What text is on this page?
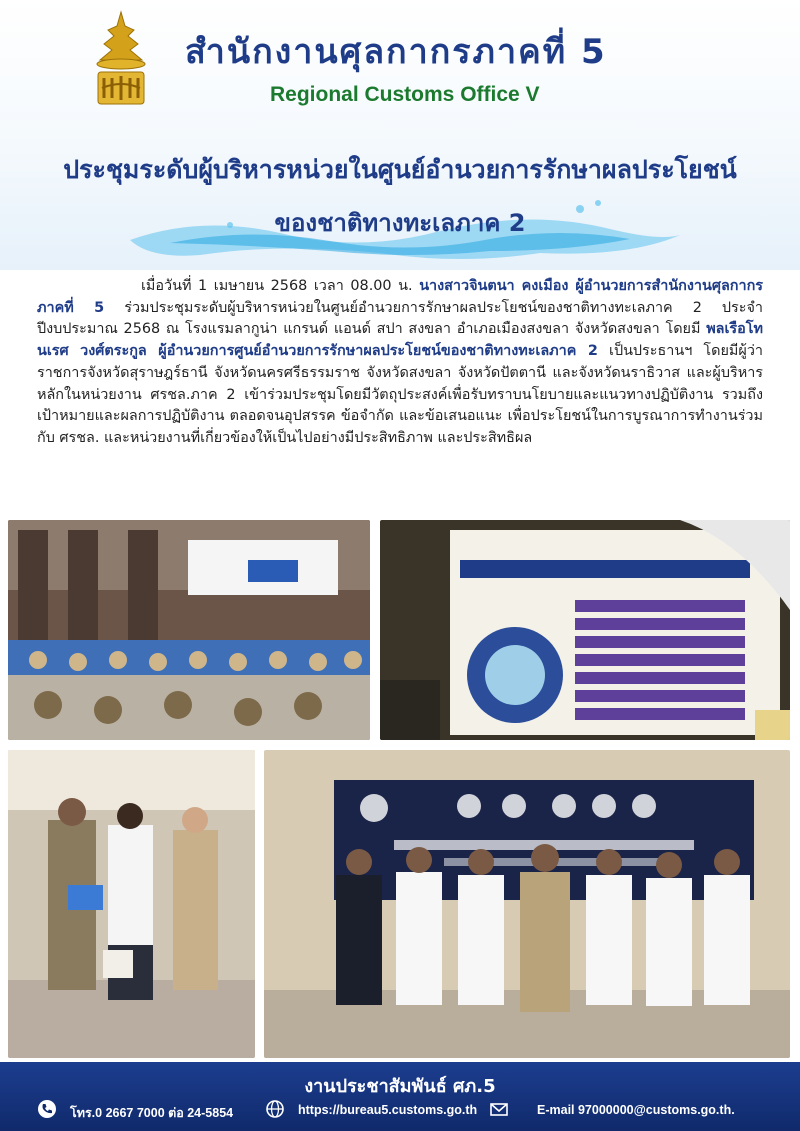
สำนักงานศุลกากรภาคที่ 5
Regional Customs Office V
ประชุมระดับผู้บริหารหน่วยในศูนย์อำนวยการรักษาผลประโยชน์
ของชาติทางทะเลภาค 2
เมื่อวันที่ 1 เมษายน 2568 เวลา 08.00 น. นางสาวจินตนา คงเมือง ผู้อำนวยการสำนักงานศุลกากรภาคที่ 5 ร่วมประชุมระดับผู้บริหารหน่วยในศูนย์อำนวยการรักษาผลประโยชน์ของชาติทางทะเลภาค 2 ประจำปีงบประมาณ 2568 ณ โรงแรมลากูน่า แกรนด์ แอนด์ สปา สงขลา อำเภอเมืองสงขลา จังหวัดสงขลา โดยมี พลเรือโท นเรศ วงศ์ตระกูล ผู้อำนวยการศูนย์อำนวยการรักษาผลประโยชน์ของชาติทางทะเลภาค 2 เป็นประธานฯ โดยมีผู้ว่าราชการจังหวัดสุราษฎร์ธานี จังหวัดนครศรีธรรมราช จังหวัดสงขลา จังหวัดปัตตานี และจังหวัดนราธิวาส และผู้บริหารหลักในหน่วยงาน ศรชล.ภาค 2 เข้าร่วมประชุมโดยมีวัตถุประสงค์เพื่อรับทราบนโยบายและแนวทางปฏิบัติงาน รวมถึงเป้าหมายและผลการปฏิบัติงาน ตลอดจนอุปสรรค ข้อจำกัด และข้อเสนอแนะ เพื่อประโยชน์ในการบูรณาการทำงานร่วมกับ ศรชล. และหน่วยงานที่เกี่ยวข้องให้เป็นไปอย่างมีประสิทธิภาพ และประสิทธิผล
งานประชาสัมพันธ์ ศภ.5
โทร.0 2667 7000 ต่อ 24-5854	https://bureau5.customs.go.th	E-mail 97000000@customs.go.th.
